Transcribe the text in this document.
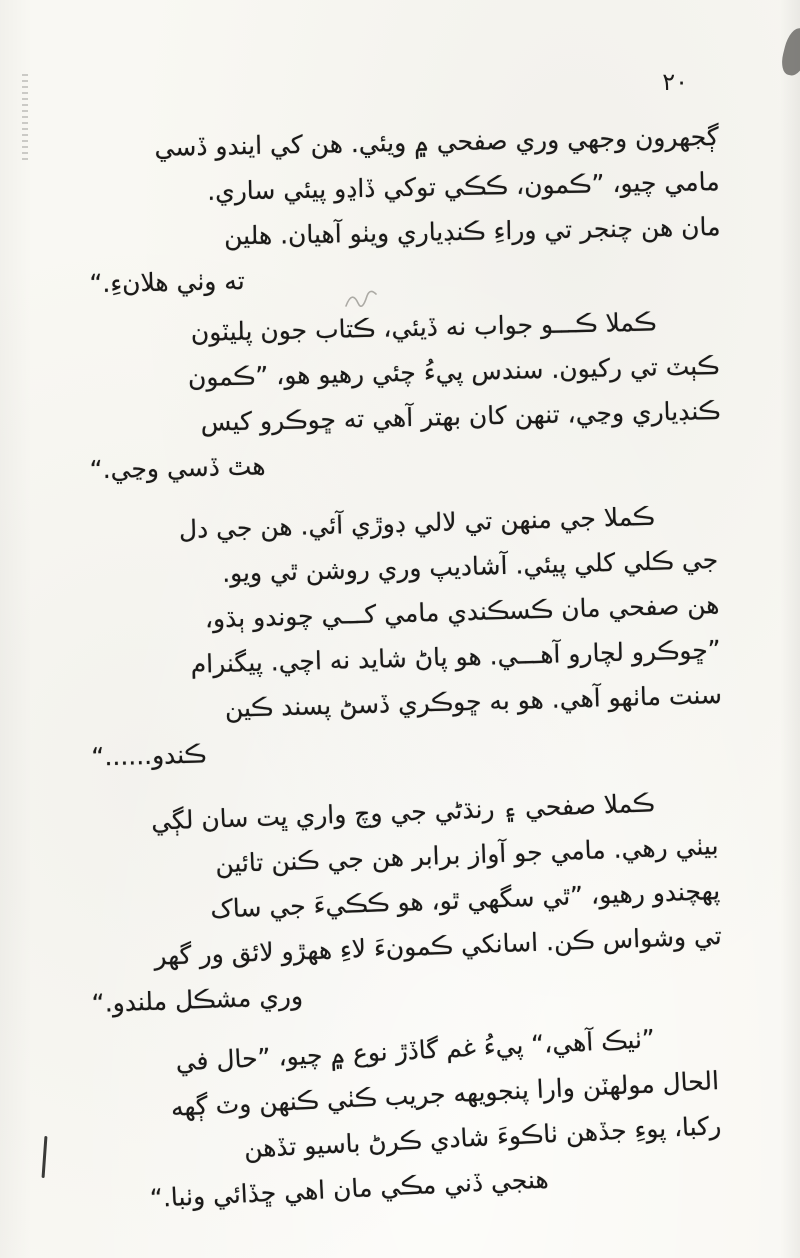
٢٠
ڳجهرون وجهي وري صفحي ۾ ويئي. هن کي ايندو ڏسي
مامي چيو، ”ڪمون، ڪڪي توکي ڏاڍو پيئي ساري.
مان هن چنجر تي وراءِ ڪنڊياري ويٺو آهيان. هلين
ته وٺي هلانءِ.“
ڪملا ڪـــو جواب نه ڏيئي، ڪتاب جون پليٽون
ڪٻٽ تي رکيون. سندس پيءُ چئي رهيو هو، ”ڪمون
ڪنڊياري وڃي، تنهن کان بهتر آهي ته ڇوڪرو کيس
هٿ ڏسي وڃي.“
ڪملا جي منهن تي لالي ڊوڙي آئي. هن جي دل
جي ڪلي کلي پيئي. آشاديپ وري روشن ٿي ويو.
هن صفحي مان ڪسڪندي مامي کـــي چوندو ٻڌو،
”ڇوڪرو لچارو آهـــي. هو پاڻ شايد نه اچي. پيگنرام
سنت ماٺهو آهي. هو به ڇوڪري ڏسڻ پسند ڪين
ڪندو......“
ڪملا صفحي ۽ رنڌڻي جي وچ واري ڀت سان لڳي
بيٺي رهي. مامي جو آواز برابر هن جي ڪنن تائين
پهچندو رهيو، ”ٿي سگهي ٿو، هو ڪڪيءَ جي ساک
تي وشواس ڪن. اسانکي ڪمونءَ لاءِ ههڙو لائق ور گهر
وري مشڪل ملندو.“
”ٺيڪ آهي،“ پيءُ غم گاڏڙ نوع ۾ چيو، ”حال في
الحال مولهٽن وارا پنجويهه جريب ڪٺي ڪنهن وٽ ڳهه
رکبا، پوءِ جڏهن ٺاڪوءَ شادي ڪرڻ باسيو تڏهن
هنجي ڏني مڪي مان اهي ڇڏائي وٺبا.“
